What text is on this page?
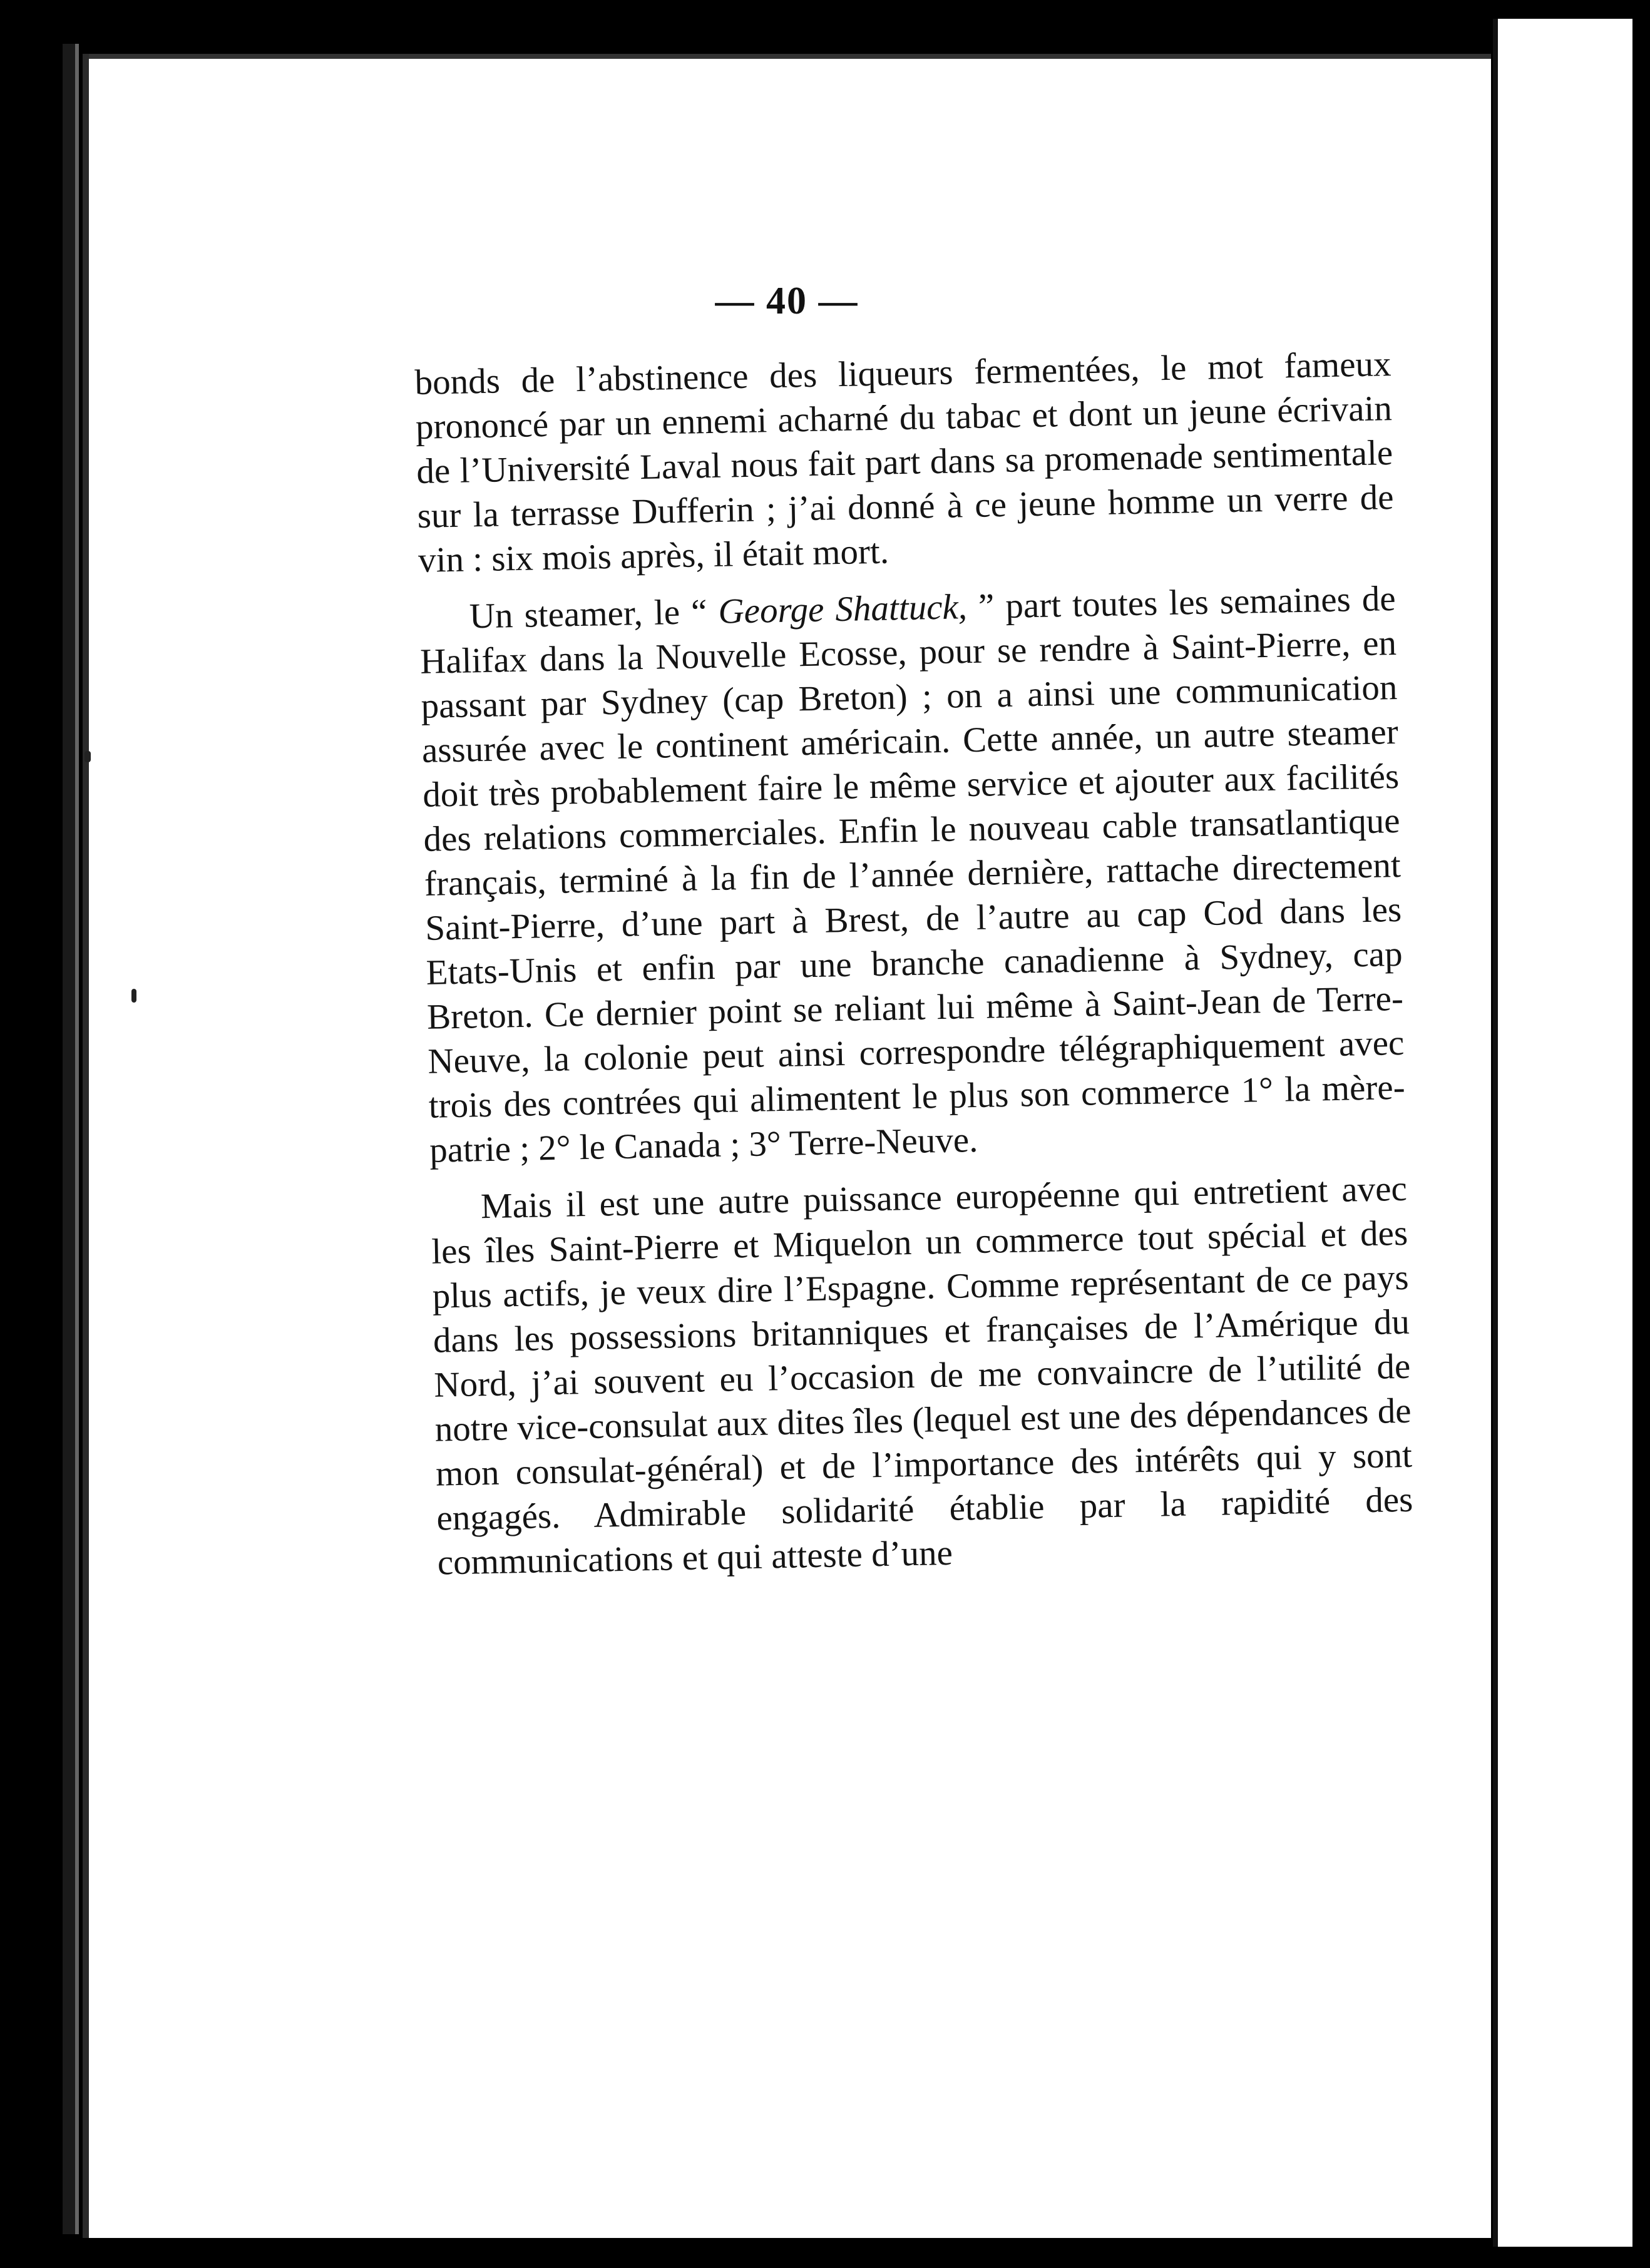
— 40 —

bonds de l’abstinence des liqueurs fermentées, le mot fameux prononcé par un ennemi acharné du tabac et dont un jeune écrivain de l’Université Laval nous fait part dans sa promenade sentimentale sur la terrasse Dufferin ; j’ai donné à ce jeune homme un verre de vin : six mois après, il était mort.

Un steamer, le “ George Shattuck, ” part toutes les semaines de Halifax dans la Nouvelle Ecosse, pour se rendre à Saint-Pierre, en passant par Sydney (cap Breton) ; on a ainsi une communication assurée avec le continent américain. Cette année, un autre steamer doit très probablement faire le même service et ajouter aux facilités des relations commerciales. Enfin le nouveau cable transatlantique français, terminé à la fin de l’année dernière, rattache directement Saint-Pierre, d’une part à Brest, de l’autre au cap Cod dans les Etats-Unis et enfin par une branche canadienne à Sydney, cap Breton. Ce dernier point se reliant lui même à Saint-Jean de Terre-Neuve, la colonie peut ainsi correspondre télégraphiquement avec trois des contrées qui alimentent le plus son commerce 1° la mère-patrie ; 2° le Canada ; 3° Terre-Neuve.

Mais il est une autre puissance européenne qui entretient avec les îles Saint-Pierre et Miquelon un commerce tout spécial et des plus actifs, je veux dire l’Espagne. Comme représentant de ce pays dans les possessions britanniques et françaises de l’Amérique du Nord, j’ai souvent eu l’occasion de me convaincre de l’utilité de notre vice-consulat aux dites îles (lequel est une des dépendances de mon consulat-général) et de l’importance des intérêts qui y sont engagés. Admirable solidarité établie par la rapidité des communications et qui atteste d’une
